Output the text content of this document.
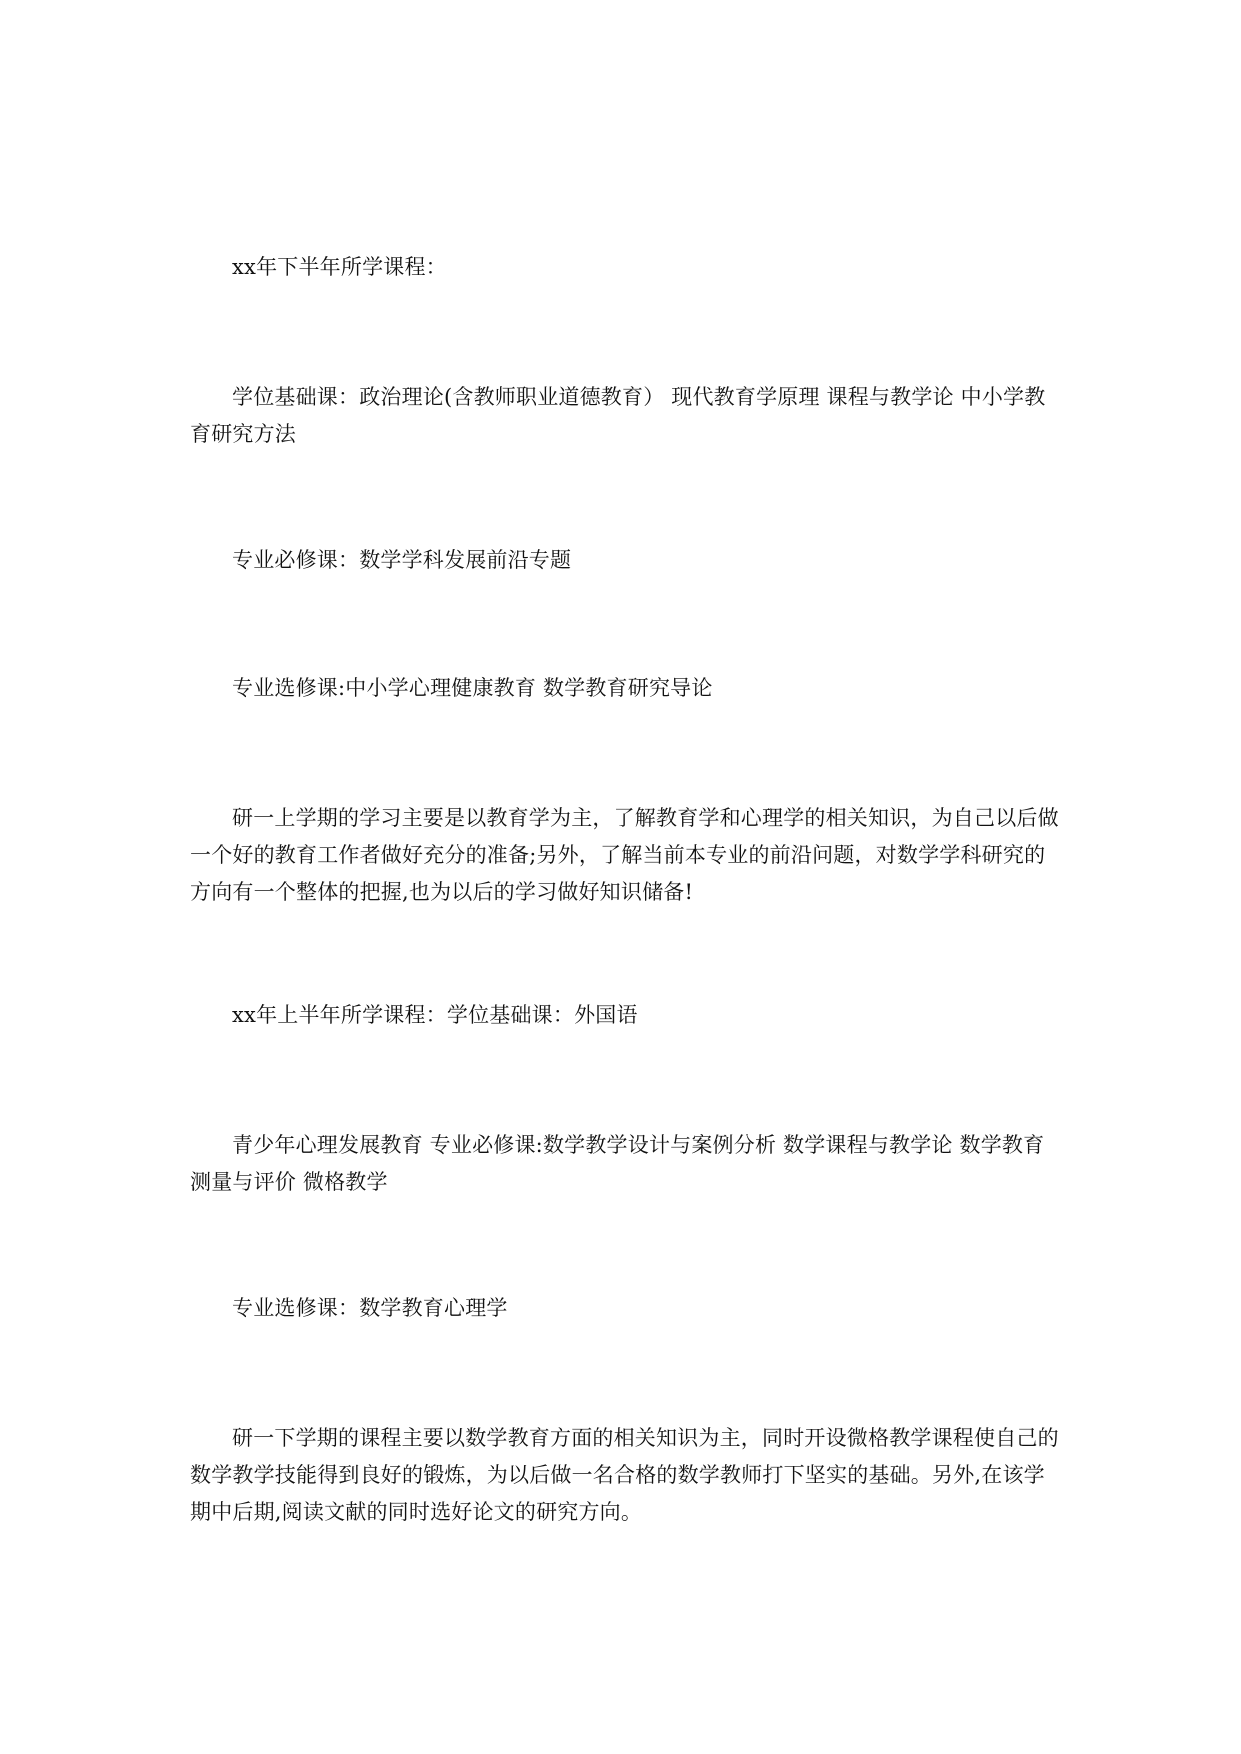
xx年下半年所学课程：

学位基础课：政治理论(含教师职业道德教育） 现代教育学原理 课程与教学论 中小学教育研究方法

专业必修课：数学学科发展前沿专题

专业选修课:中小学心理健康教育 数学教育研究导论

研一上学期的学习主要是以教育学为主，了解教育学和心理学的相关知识，为自己以后做一个好的教育工作者做好充分的准备;另外，了解当前本专业的前沿问题，对数学学科研究的方向有一个整体的把握,也为以后的学习做好知识储备!

xx年上半年所学课程：学位基础课：外国语

青少年心理发展教育 专业必修课:数学教学设计与案例分析 数学课程与教学论 数学教育测量与评价 微格教学

专业选修课：数学教育心理学

研一下学期的课程主要以数学教育方面的相关知识为主，同时开设微格教学课程使自己的数学教学技能得到良好的锻炼，为以后做一名合格的数学教师打下坚实的基础。另外,在该学期中后期,阅读文献的同时选好论文的研究方向。
